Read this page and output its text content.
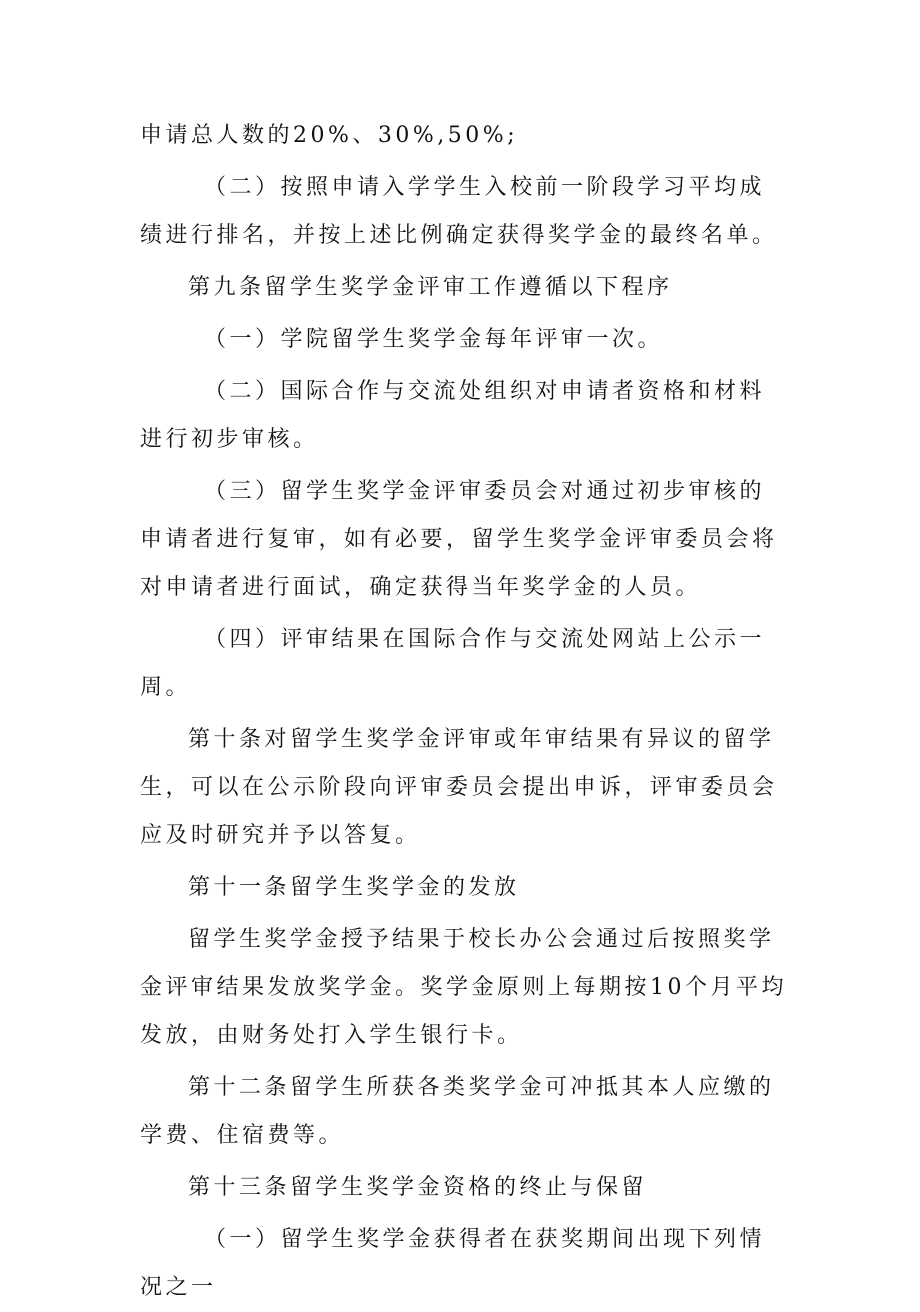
申请总人数的20%、30%,50%;

（二）按照申请入学学生入校前一阶段学习平均成绩进行排名，并按上述比例确定获得奖学金的最终名单。

第九条留学生奖学金评审工作遵循以下程序

（一）学院留学生奖学金每年评审一次。

（二）国际合作与交流处组织对申请者资格和材料进行初步审核。

（三）留学生奖学金评审委员会对通过初步审核的申请者进行复审，如有必要，留学生奖学金评审委员会将对申请者进行面试，确定获得当年奖学金的人员。

（四）评审结果在国际合作与交流处网站上公示一周。

第十条对留学生奖学金评审或年审结果有异议的留学生，可以在公示阶段向评审委员会提出申诉，评审委员会应及时研究并予以答复。

第十一条留学生奖学金的发放

留学生奖学金授予结果于校长办公会通过后按照奖学金评审结果发放奖学金。奖学金原则上每期按10个月平均发放，由财务处打入学生银行卡。

第十二条留学生所获各类奖学金可冲抵其本人应缴的学费、住宿费等。

第十三条留学生奖学金资格的终止与保留

（一）留学生奖学金获得者在获奖期间出现下列情况之一
